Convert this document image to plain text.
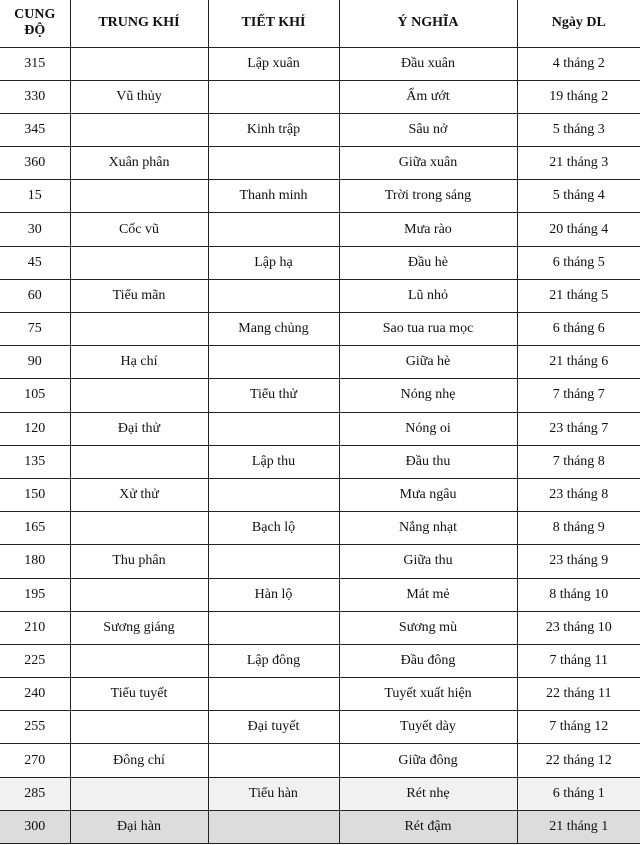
CUNG
ĐỘ	TRUNG KHÍ	TIẾT KHÍ	Ý NGHĨA	Ngày DL
315		Lập xuân	Đầu xuân	4 tháng 2
330	Vũ thủy		Ẩm ướt	19 tháng 2
345		Kinh trập	Sâu nở	5 tháng 3
360	Xuân phân		Giữa xuân	21 tháng 3
15		Thanh minh	Trời trong sáng	5 tháng 4
30	Cốc vũ		Mưa rào	20 tháng 4
45		Lập hạ	Đầu hè	6 tháng 5
60	Tiểu mãn		Lũ nhỏ	21 tháng 5
75		Mang chủng	Sao tua rua mọc	6 tháng 6
90	Hạ chí		Giữa hè	21 tháng 6
105		Tiểu thử	Nóng nhẹ	7 tháng 7
120	Đại thử		Nóng oi	23 tháng 7
135		Lập thu	Đầu thu	7 tháng 8
150	Xử thử		Mưa ngâu	23 tháng 8
165		Bạch lộ	Nắng nhạt	8 tháng 9
180	Thu phân		Giữa thu	23 tháng 9
195		Hàn lộ	Mát mẻ	8 tháng 10
210	Sương giáng		Sương mù	23 tháng 10
225		Lập đông	Đầu đông	7 tháng 11
240	Tiểu tuyết		Tuyết xuất hiện	22 tháng 11
255		Đại tuyết	Tuyết dày	7 tháng 12
270	Đông chí		Giữa đông	22 tháng 12
285		Tiểu hàn	Rét nhẹ	6 tháng 1
300	Đại hàn		Rét đậm	21 tháng 1
